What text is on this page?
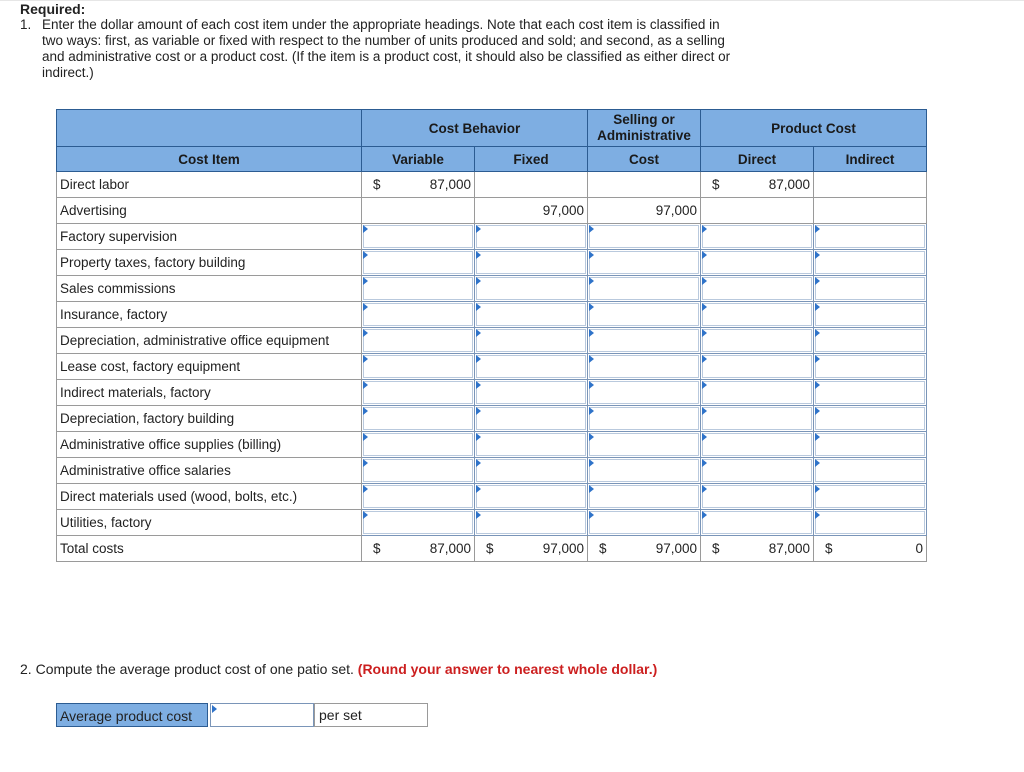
Required:
1. Enter the dollar amount of each cost item under the appropriate headings. Note that each cost item is classified in two ways: first, as variable or fixed with respect to the number of units produced and sold; and second, as a selling and administrative cost or a product cost. (If the item is a product cost, it should also be classified as either direct or indirect.)
	Cost Behavior		Selling or Administrative	Product Cost	
Cost Item	Variable	Fixed	Cost	Direct	Indirect
Direct labor	$ 87,000			$ 87,000	
Advertising		97,000	97,000		
Factory supervision	

Property taxes, factory building	

Sales commissions	

Insurance, factory	

Depreciation, administrative office equipment	

Lease cost, factory equipment	

Indirect materials, factory	

Depreciation, factory building	

Administrative office supplies (billing)	

Administrative office salaries	

Direct materials used (wood, bolts, etc.)	

Utilities, factory	

Total costs	$ 87,000	$ 97,000	$ 97,000	$ 87,000	$ 0
2. Compute the average product cost of one patio set. (Round your answer to nearest whole dollar.)
Average product cost	per set
